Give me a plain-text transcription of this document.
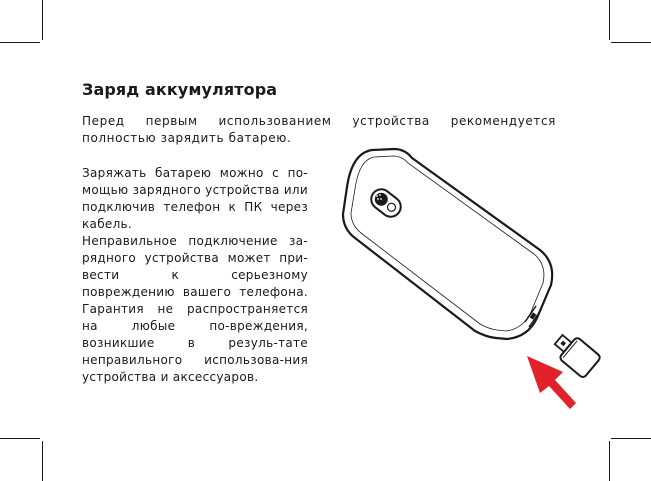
Заряд аккумулятора
Перед первым использованием устройства рекомендуется полностью зарядить батарею.
Заряжать батарею можно с по-мощью зарядного устройства или подключив телефон к ПК через кабель.
Неправильное подключение за-рядного устройства может при-вести к серьезному повреждению вашего телефона. Гарантия не распространяется на любые по-вреждения, возникшие в резуль-тате неправильного использова-ния устройства и аксессуаров.
